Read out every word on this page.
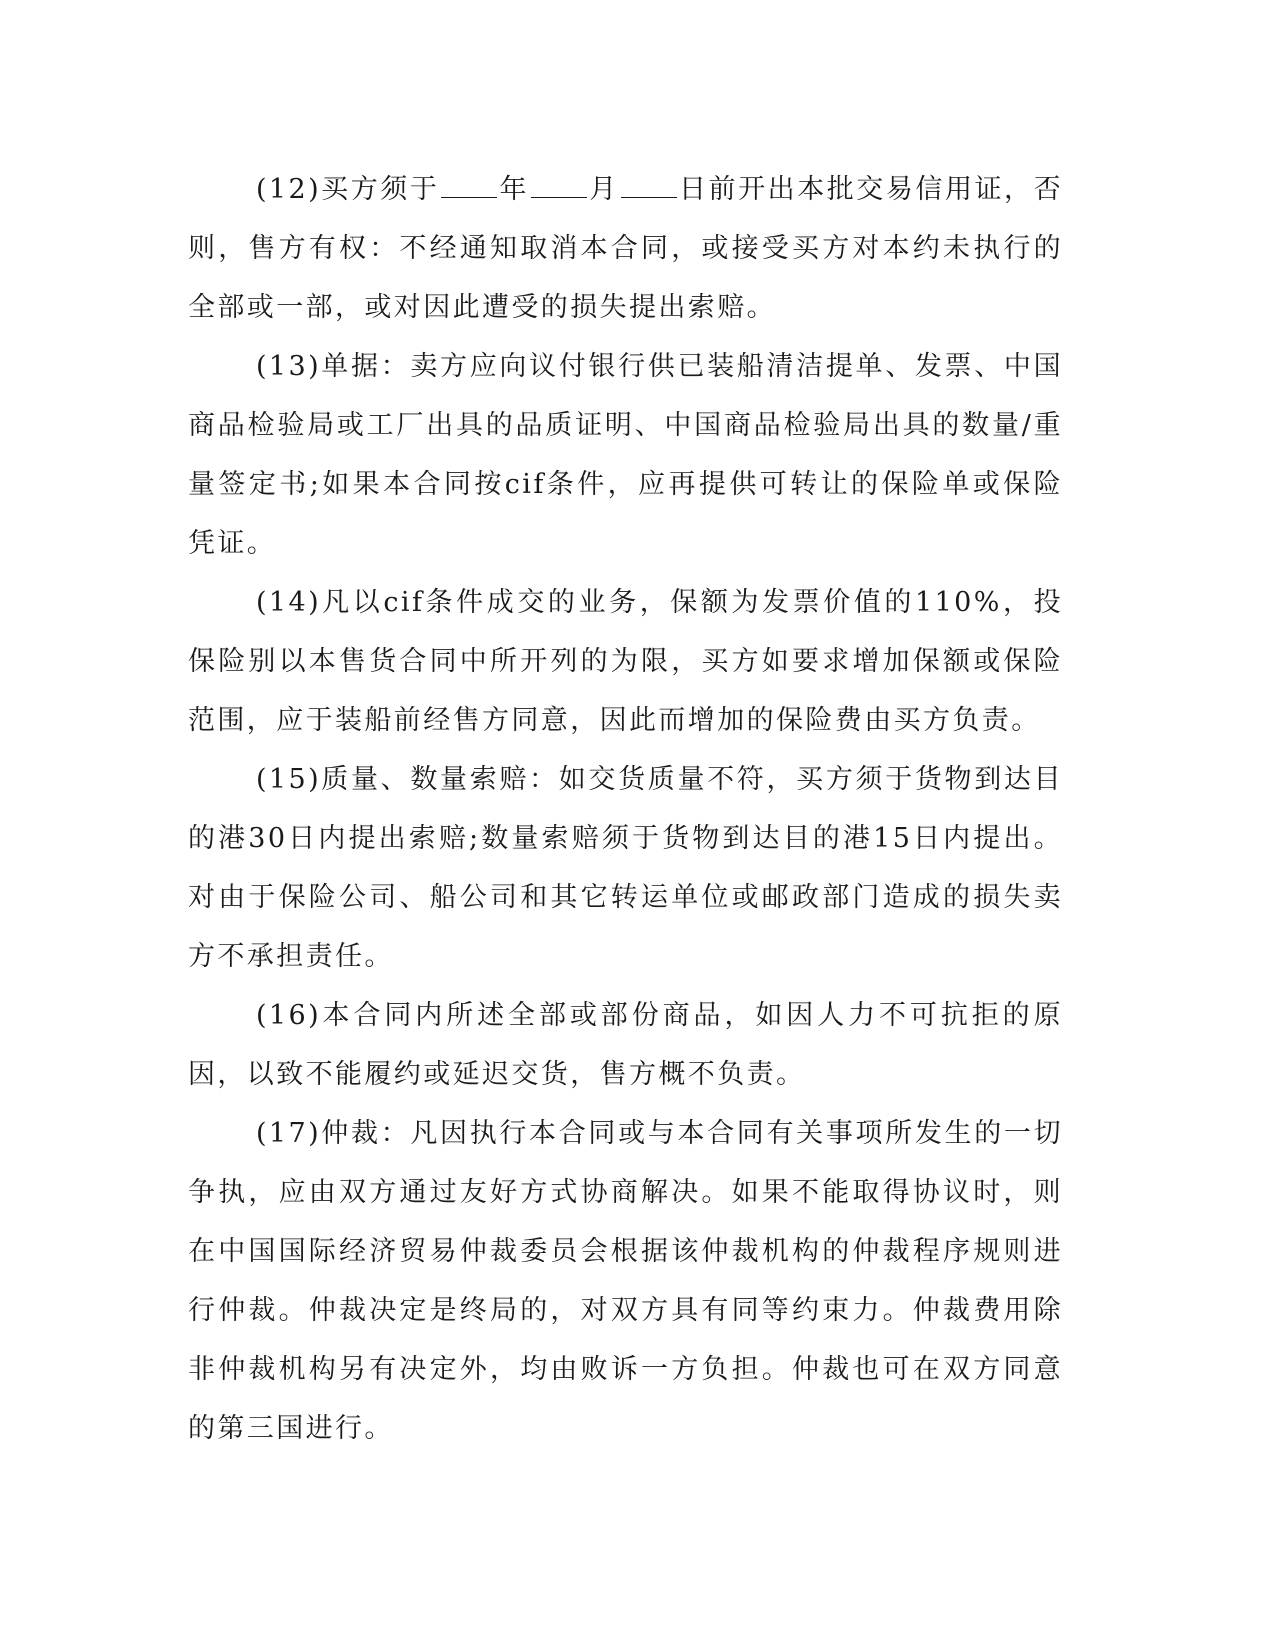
(12)买方须于 年 月 日前开出本批交易信用证，否则，售方有权：不经通知取消本合同，或接受买方对本约未执行的全部或一部，或对因此遭受的损失提出索赔。

(13)单据：卖方应向议付银行供已装船清洁提单、发票、中国商品检验局或工厂出具的品质证明、中国商品检验局出具的数量/重量签定书;如果本合同按cif条件，应再提供可转让的保险单或保险凭证。

(14)凡以cif条件成交的业务，保额为发票价值的110%，投保险别以本售货合同中所开列的为限，买方如要求增加保额或保险范围，应于装船前经售方同意，因此而增加的保险费由买方负责。

(15)质量、数量索赔：如交货质量不符，买方须于货物到达目的港30日内提出索赔;数量索赔须于货物到达目的港15日内提出。对由于保险公司、船公司和其它转运单位或邮政部门造成的损失卖方不承担责任。

(16)本合同内所述全部或部份商品，如因人力不可抗拒的原因，以致不能履约或延迟交货，售方概不负责。

(17)仲裁：凡因执行本合同或与本合同有关事项所发生的一切争执，应由双方通过友好方式协商解决。如果不能取得协议时，则在中国国际经济贸易仲裁委员会根据该仲裁机构的仲裁程序规则进行仲裁。仲裁决定是终局的，对双方具有同等约束力。仲裁费用除非仲裁机构另有决定外，均由败诉一方负担。仲裁也可在双方同意的第三国进行。
